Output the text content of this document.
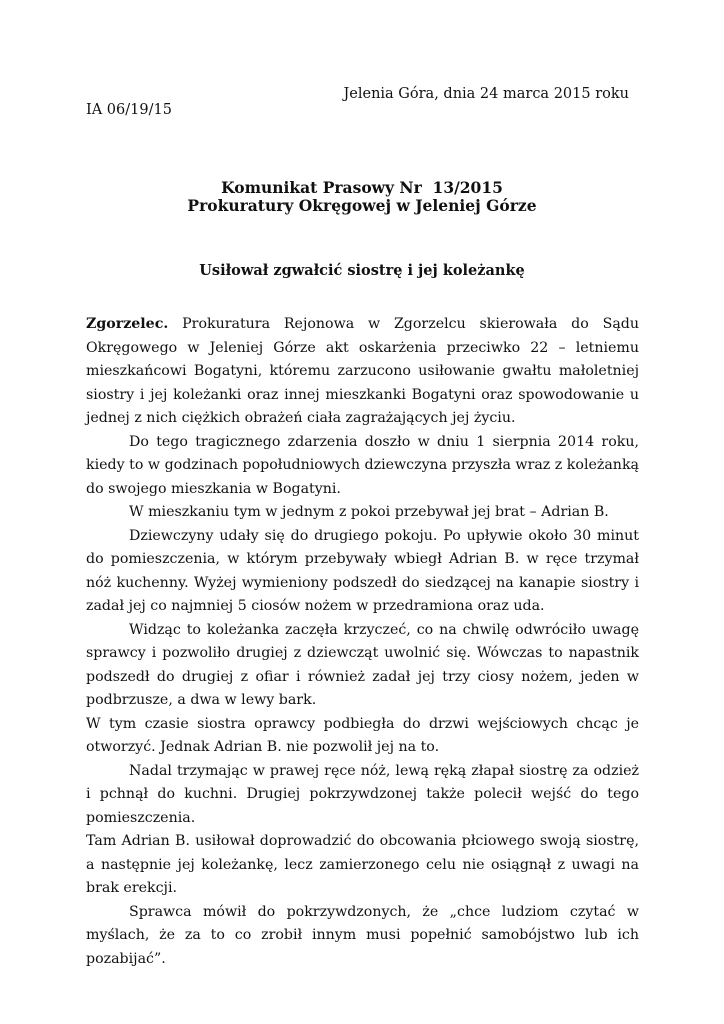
Jelenia Góra, dnia 24 marca 2015 roku
IA 06/19/15
Komunikat Prasowy Nr  13/2015
Prokuratury Okręgowej w Jeleniej Górze
Usiłował zgwałcić siostrę i jej koleżankę

Zgorzelec. Prokuratura Rejonowa w Zgorzelcu skierowała do Sądu Okręgowego w Jeleniej Górze akt oskarżenia przeciwko 22 – letniemu mieszkańcowi Bogatyni, któremu zarzucono usiłowanie gwałtu małoletniej siostry i jej koleżanki oraz innej mieszkanki Bogatyni oraz spowodowanie u jednej z nich ciężkich obrażeń ciała zagrażających jej życiu.

Do tego tragicznego zdarzenia doszło w dniu 1 sierpnia 2014 roku, kiedy to w godzinach popołudniowych dziewczyna przyszła wraz z koleżanką do swojego mieszkania w Bogatyni.

W mieszkaniu tym w jednym z pokoi przebywał jej brat – Adrian B.

Dziewczyny udały się do drugiego pokoju. Po upływie około 30 minut do pomieszczenia, w którym przebywały wbiegł Adrian B. w ręce trzymał nóż kuchenny. Wyżej wymieniony podszedł do siedzącej na kanapie siostry i zadał jej co najmniej 5 ciosów nożem w przedramiona oraz uda.

Widząc to koleżanka zaczęła krzyczeć, co na chwilę odwróciło uwagę sprawcy i pozwoliło drugiej z dziewcząt uwolnić się. Wówczas to napastnik podszedł do drugiej z ofiar i również zadał jej trzy ciosy nożem, jeden w podbrzusze, a dwa w lewy bark.

W tym czasie siostra oprawcy podbiegła do drzwi wejściowych chcąc je otworzyć. Jednak Adrian B. nie pozwolił jej na to.

Nadal trzymając w prawej ręce nóż, lewą ręką złapał siostrę za odzież i pchnął do kuchni. Drugiej pokrzywdzonej także polecił wejść do tego pomieszczenia.

Tam Adrian B. usiłował doprowadzić do obcowania płciowego swoją siostrę, a następnie jej koleżankę, lecz zamierzonego celu nie osiągnął z uwagi na brak erekcji.

Sprawca mówił do pokrzywdzonych, że „chce ludziom czytać w myślach, że za to co zrobił innym musi popełnić samobójstwo lub ich pozabijać”.
